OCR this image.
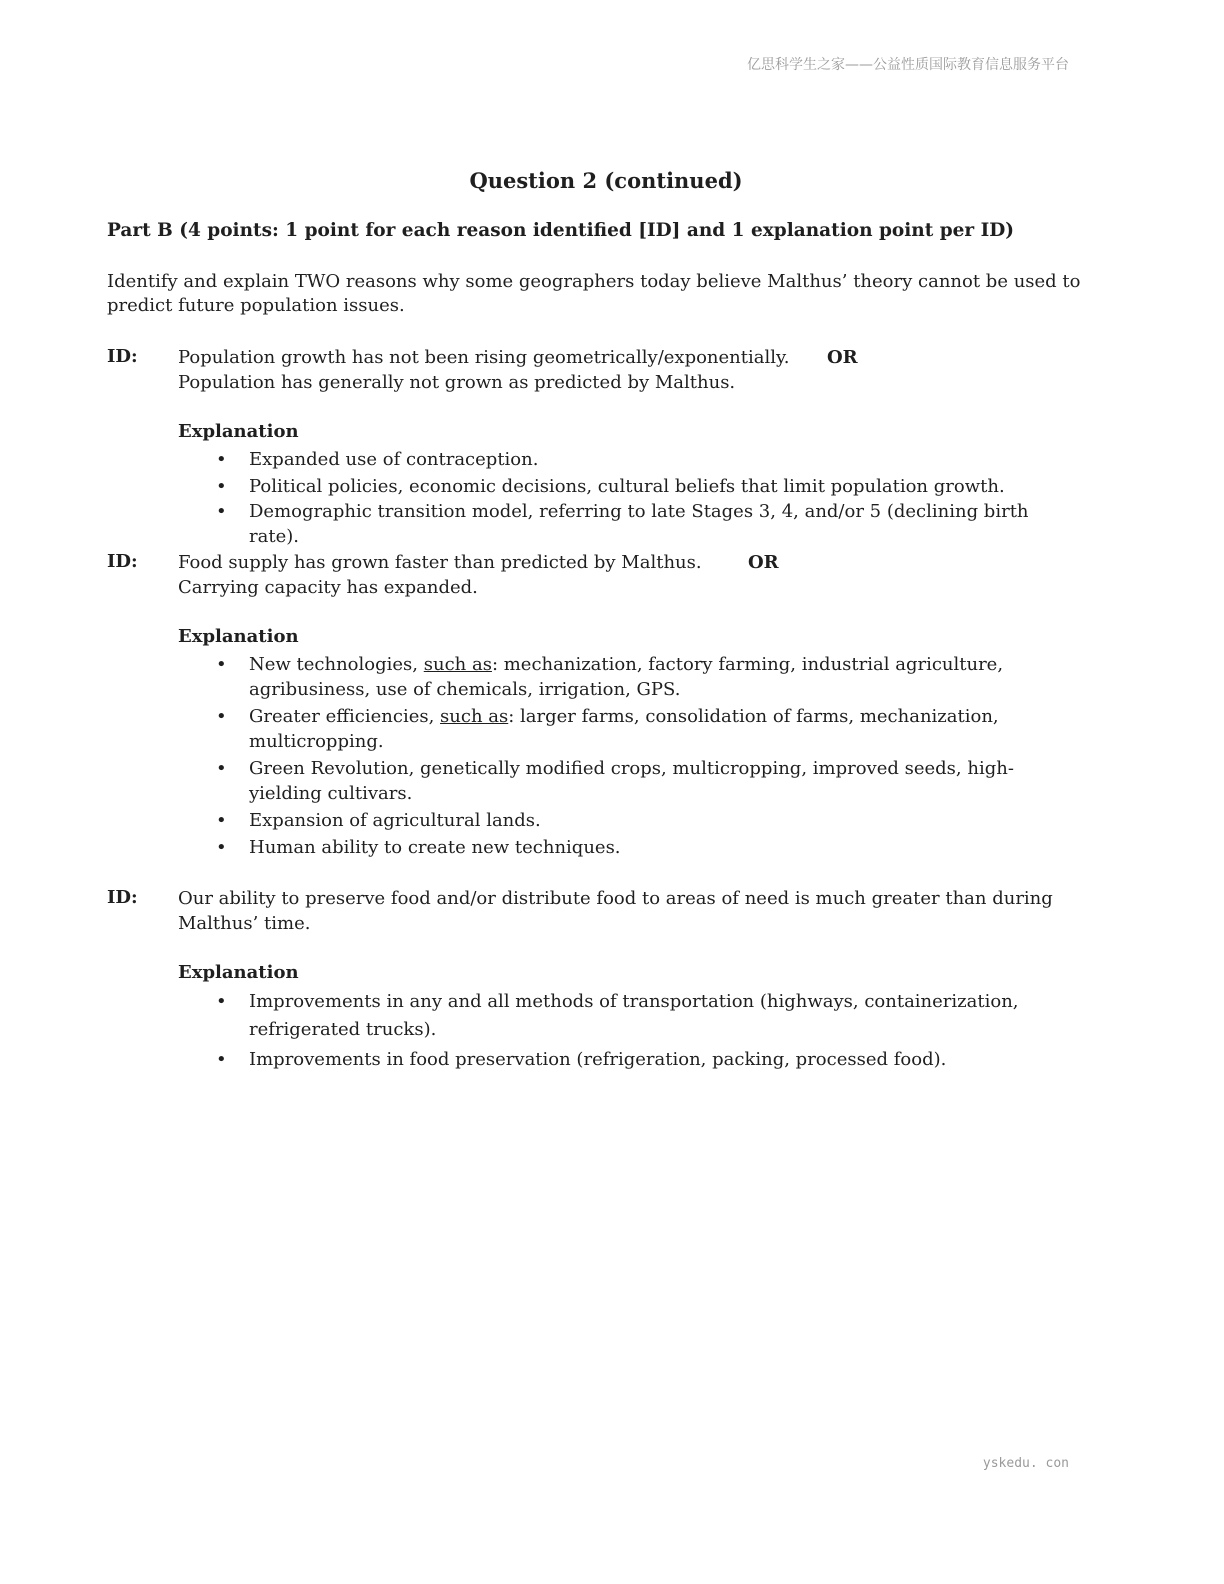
亿思科学生之家——公益性质国际教育信息服务平台
Question 2 (continued)
Part B (4 points: 1 point for each reason identified [ID] and 1 explanation point per ID)

Identify and explain TWO reasons why some geographers today believe Malthus’ theory cannot be used to predict future population issues.

ID: Population growth has not been rising geometrically/exponentially. OR

Population has generally not grown as predicted by Malthus.
Explanation
• Expanded use of contraception.
• Political policies, economic decisions, cultural beliefs that limit population growth.
• Demographic transition model, referring to late Stages 3, 4, and/or 5 (declining birth rate).
ID: Food supply has grown faster than predicted by Malthus.	OR

Carrying capacity has expanded.
Explanation
• New technologies, such as: mechanization, factory farming, industrial agriculture, agribusiness, use of chemicals, irrigation, GPS.
• Greater efficiencies, such as: larger farms, consolidation of farms, mechanization, multicropping.
• Green Revolution, genetically modified crops, multicropping, improved seeds, high-yielding cultivars.
• Expansion of agricultural lands.
• Human ability to create new techniques.
ID: Our ability to preserve food and/or distribute food to areas of need is much greater than during Malthus’ time.
Explanation
• Improvements in any and all methods of transportation (highways, containerization, refrigerated trucks).
• Improvements in food preservation (refrigeration, packing, processed food).
yskedu. con
